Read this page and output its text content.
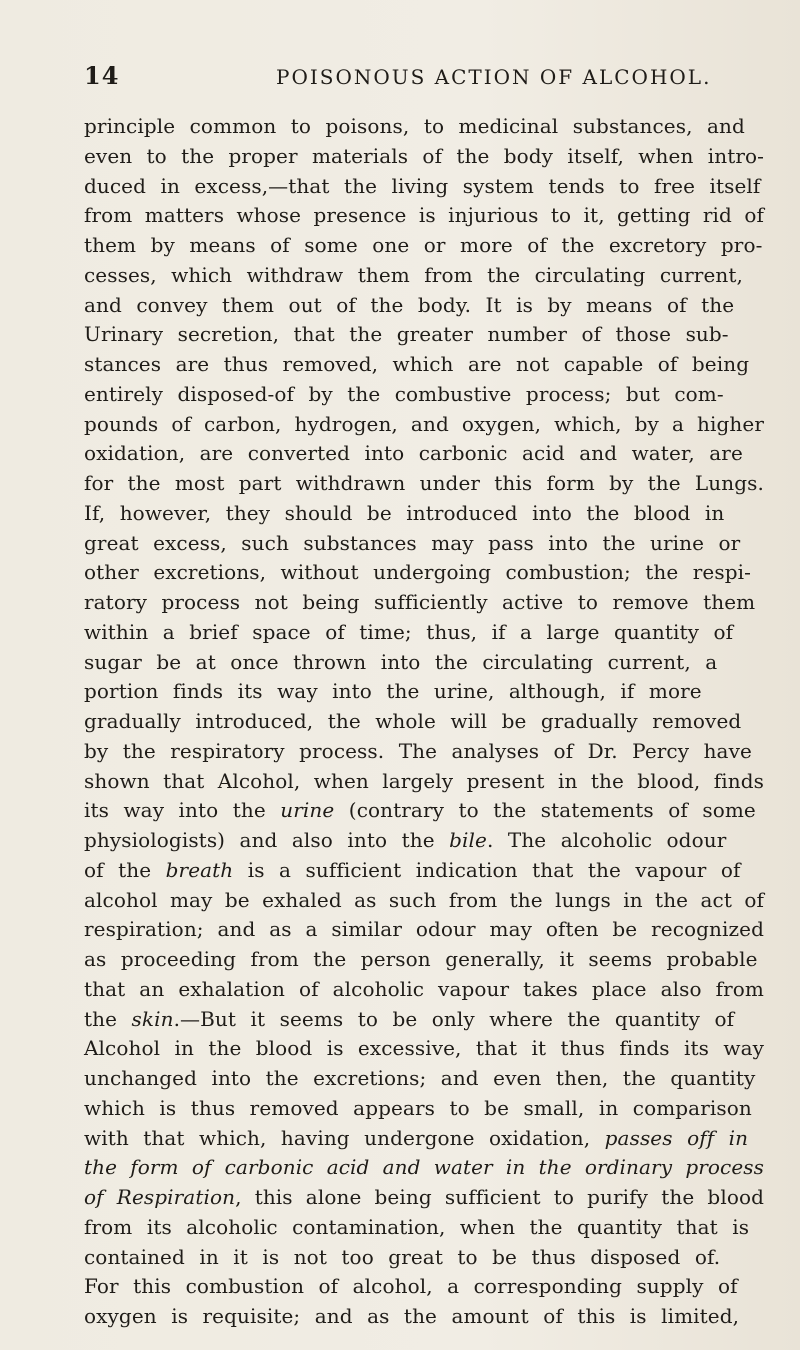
14	POISONOUS ACTION OF ALCOHOL.
principle common to poisons, to medicinal substances, and
even to the proper materials of the body itself, when intro-
duced in excess,—that the living system tends to free itself
from matters whose presence is injurious to it, getting rid of
them by means of some one or more of the excretory pro-
cesses, which withdraw them from the circulating current,
and convey them out of the body. It is by means of the
Urinary secretion, that the greater number of those sub-
stances are thus removed, which are not capable of being
entirely disposed-of by the combustive process; but com-
pounds of carbon, hydrogen, and oxygen, which, by a higher
oxidation, are converted into carbonic acid and water, are
for the most part withdrawn under this form by the Lungs.
If, however, they should be introduced into the blood in
great excess, such substances may pass into the urine or
other excretions, without undergoing combustion; the respi-
ratory process not being sufficiently active to remove them
within a brief space of time; thus, if a large quantity of
sugar be at once thrown into the circulating current, a
portion finds its way into the urine, although, if more
gradually introduced, the whole will be gradually removed
by the respiratory process. The analyses of Dr. Percy have
shown that Alcohol, when largely present in the blood, finds
its way into the urine (contrary to the statements of some
physiologists) and also into the bile. The alcoholic odour
of the breath is a sufficient indication that the vapour of
alcohol may be exhaled as such from the lungs in the act of
respiration; and as a similar odour may often be recognized
as proceeding from the person generally, it seems probable
that an exhalation of alcoholic vapour takes place also from
the skin.—But it seems to be only where the quantity of
Alcohol in the blood is excessive, that it thus finds its way
unchanged into the excretions; and even then, the quantity
which is thus removed appears to be small, in comparison
with that which, having undergone oxidation, passes off in
the form of carbonic acid and water in the ordinary process
of Respiration, this alone being sufficient to purify the blood
from its alcoholic contamination, when the quantity that is
contained in it is not too great to be thus disposed of.
For this combustion of alcohol, a corresponding supply of
oxygen is requisite; and as the amount of this is limited,
